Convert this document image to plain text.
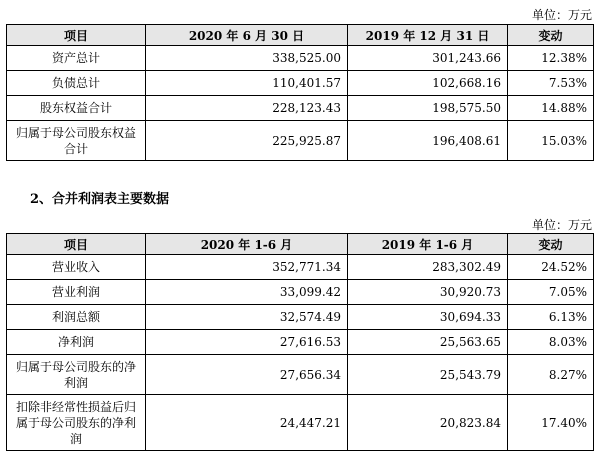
单位：万元
项目	2020 年 6 月 30 日	2019 年 12 月 31 日	变动
资产总计	338,525.00	301,243.66	12.38%
负债总计	110,401.57	102,668.16	7.53%
股东权益合计	228,123.43	198,575.50	14.88%
归属于母公司股东权益合计	225,925.87	196,408.61	15.03%
2、合并利润表主要数据
单位：万元
项目	2020 年 1-6 月	2019 年 1-6 月	变动
营业收入	352,771.34	283,302.49	24.52%
营业利润	33,099.42	30,920.73	7.05%
利润总额	32,574.49	30,694.33	6.13%
净利润	27,616.53	25,563.65	8.03%
归属于母公司股东的净利润	27,656.34	25,543.79	8.27%
扣除非经常性损益后归属于母公司股东的净利润	24,447.21	20,823.84	17.40%
